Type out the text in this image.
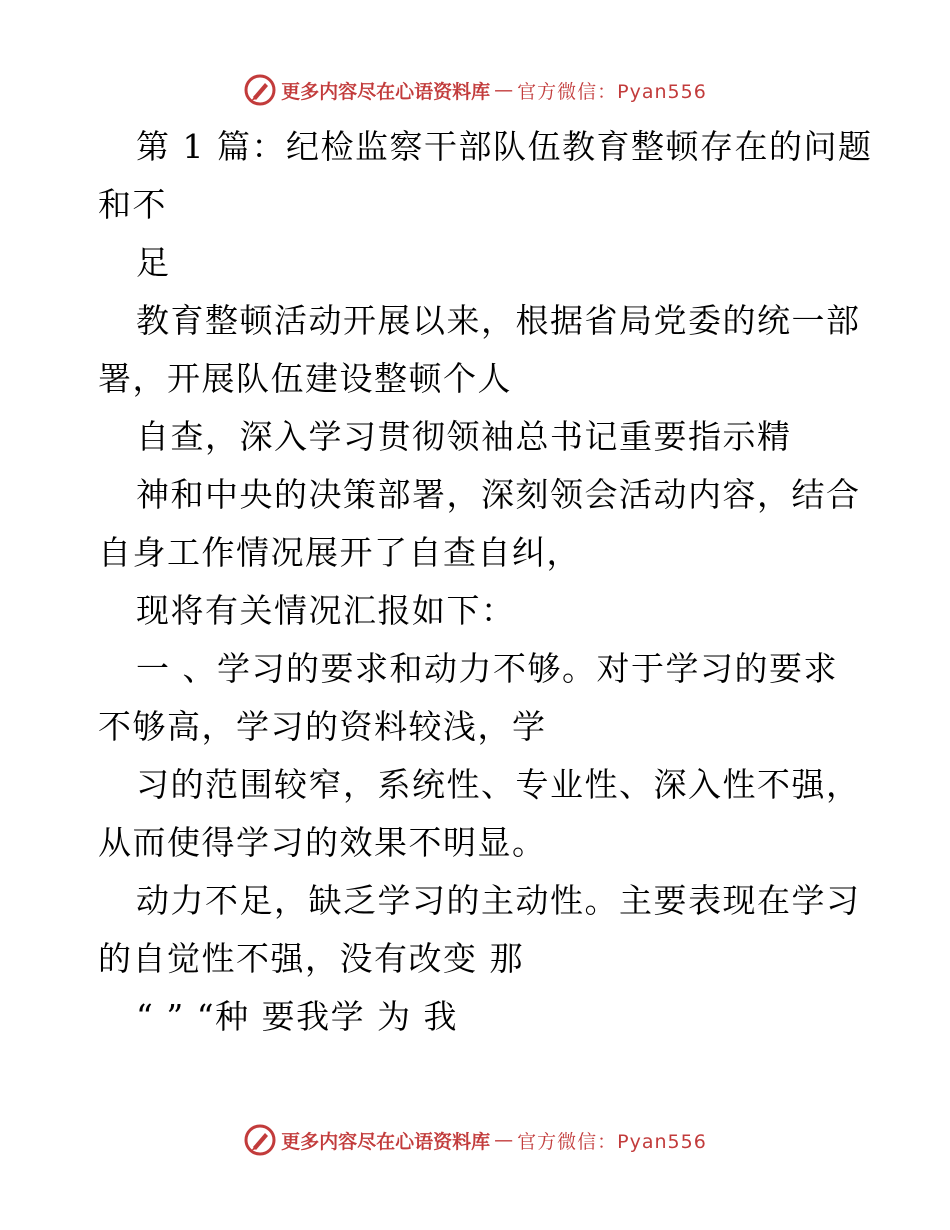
更多内容尽在心语资料库 — 官方微信：Pyan556
第 1 篇：纪检监察干部队伍教育整顿存在的问题
和不
足
教育整顿活动开展以来，根据省局党委的统一部
署，开展队伍建设整顿个人
自查，深入学习贯彻领袖总书记重要指示精
神和中央的决策部署，深刻领会活动内容，结合
自身工作情况展开了自查自纠，
现将有关情况汇报如下：
一 、学习的要求和动力不够。对于学习的要求
不够高，学习的资料较浅，学
习的范围较窄，系统性、专业性、深入性不强，
从而使得学习的效果不明显。
动力不足，缺乏学习的主动性。主要表现在学习
的自觉性不强，没有改变 那
“ ” “种 要我学 为 我
更多内容尽在心语资料库 — 官方微信：Pyan556
